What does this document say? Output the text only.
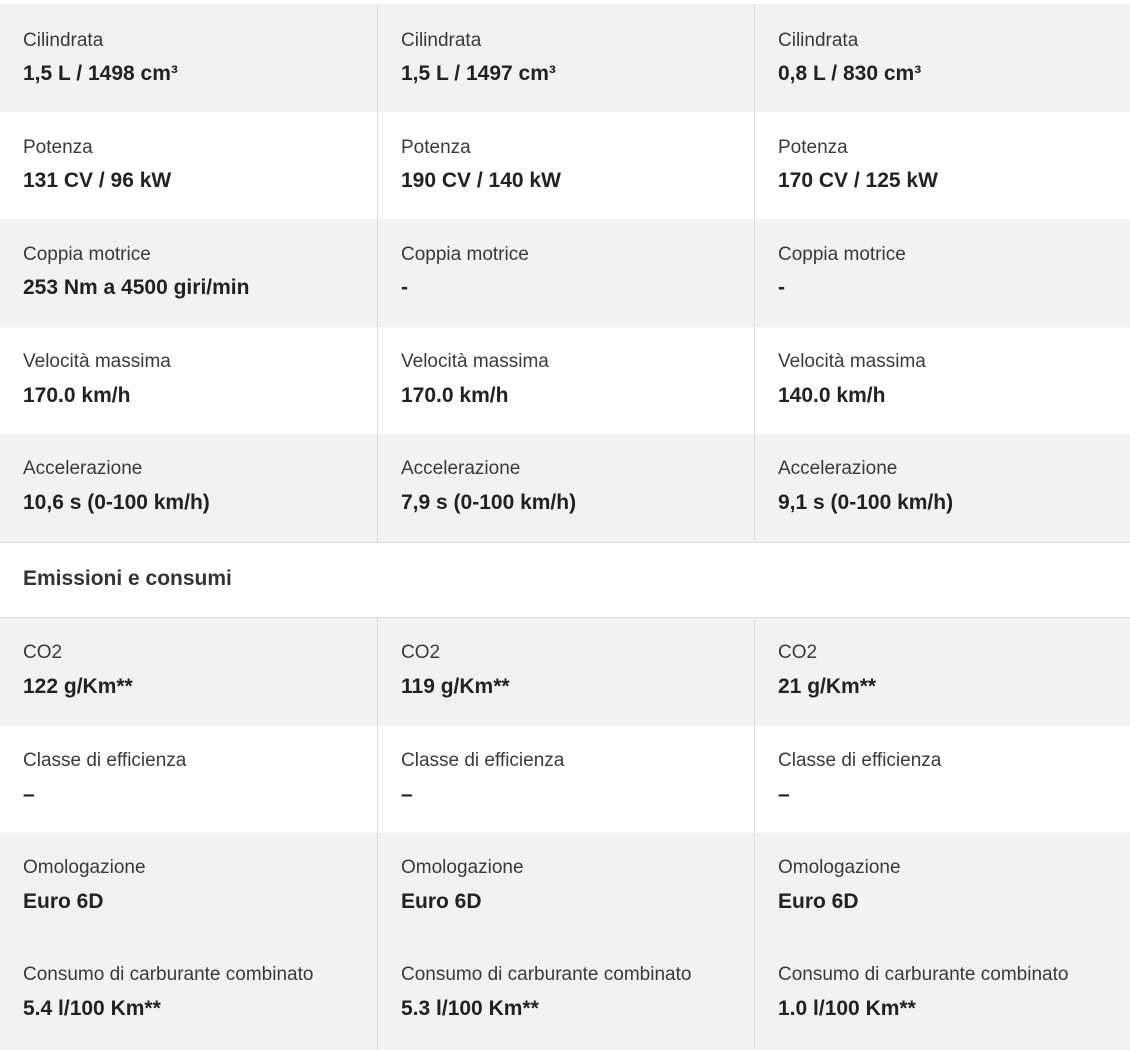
Cilindrata
1,5 L / 1498 cm³
Cilindrata
1,5 L / 1497 cm³
Cilindrata
0,8 L / 830 cm³
Potenza
131 CV / 96 kW
Potenza
190 CV / 140 kW
Potenza
170 CV / 125 kW
Coppia motrice
253 Nm a 4500 giri/min
Coppia motrice
-
Coppia motrice
-
Velocità massima
170.0 km/h
Velocità massima
170.0 km/h
Velocità massima
140.0 km/h
Accelerazione
10,6 s (0-100 km/h)
Accelerazione
7,9 s (0-100 km/h)
Accelerazione
9,1 s (0-100 km/h)
Emissioni e consumi
CO2
122 g/Km**
CO2
119 g/Km**
CO2
21 g/Km**
Classe di efficienza
–
Classe di efficienza
–
Classe di efficienza
–
Omologazione
Euro 6D
Omologazione
Euro 6D
Omologazione
Euro 6D
Consumo di carburante combinato
5.4 l/100 Km**
Consumo di carburante combinato
5.3 l/100 Km**
Consumo di carburante combinato
1.0 l/100 Km**
